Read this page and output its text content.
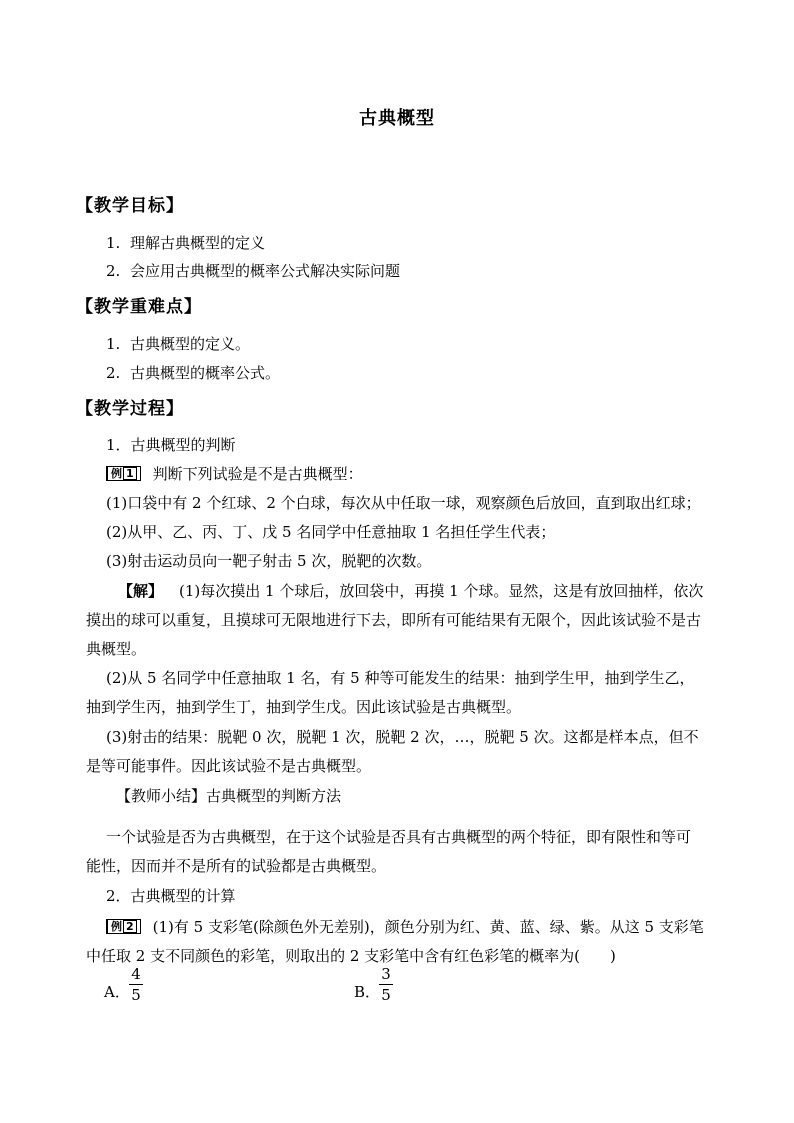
古典概型
【教学目标】
1. 理解古典概型的定义
2. 会应用古典概型的概率公式解决实际问题
【教学重难点】
1. 古典概型的定义。
2. 古典概型的概率公式。
【教学过程】
1．古典概型的判断
例 1 判断下列试验是不是古典概型：
(1)口袋中有 2 个红球、2 个白球，每次从中任取一球，观察颜色后放回，直到取出红球；
(2)从甲、乙、丙、丁、戊 5 名同学中任意抽取 1 名担任学生代表；
(3)射击运动员向一靶子射击 5 次，脱靶的次数。
【解】 (1)每次摸出 1 个球后，放回袋中，再摸 1 个球。显然，这是有放回抽样，依次
摸出的球可以重复，且摸球可无限地进行下去，即所有可能结果有无限个，因此该试验不是古
典概型。
(2)从 5 名同学中任意抽取 1 名，有 5 种等可能发生的结果：抽到学生甲，抽到学生乙，
抽到学生丙，抽到学生丁，抽到学生戊。因此该试验是古典概型。
(3)射击的结果：脱靶 0 次，脱靶 1 次，脱靶 2 次，…，脱靶 5 次。这都是样本点，但不
是等可能事件。因此该试验不是古典概型。
【教师小结】古典概型的判断方法
一个试验是否为古典概型，在于这个试验是否具有古典概型的两个特征，即有限性和等可
能性，因而并不是所有的试验都是古典概型。
2．古典概型的计算
例 2 (1)有 5 支彩笔(除颜色外无差别)，颜色分别为红、黄、蓝、绿、紫。从这 5 支彩笔
中任取 2 支不同颜色的彩笔，则取出的 2 支彩笔中含有红色彩笔的概率为(　　)
A．
4
5	B．
3
5
